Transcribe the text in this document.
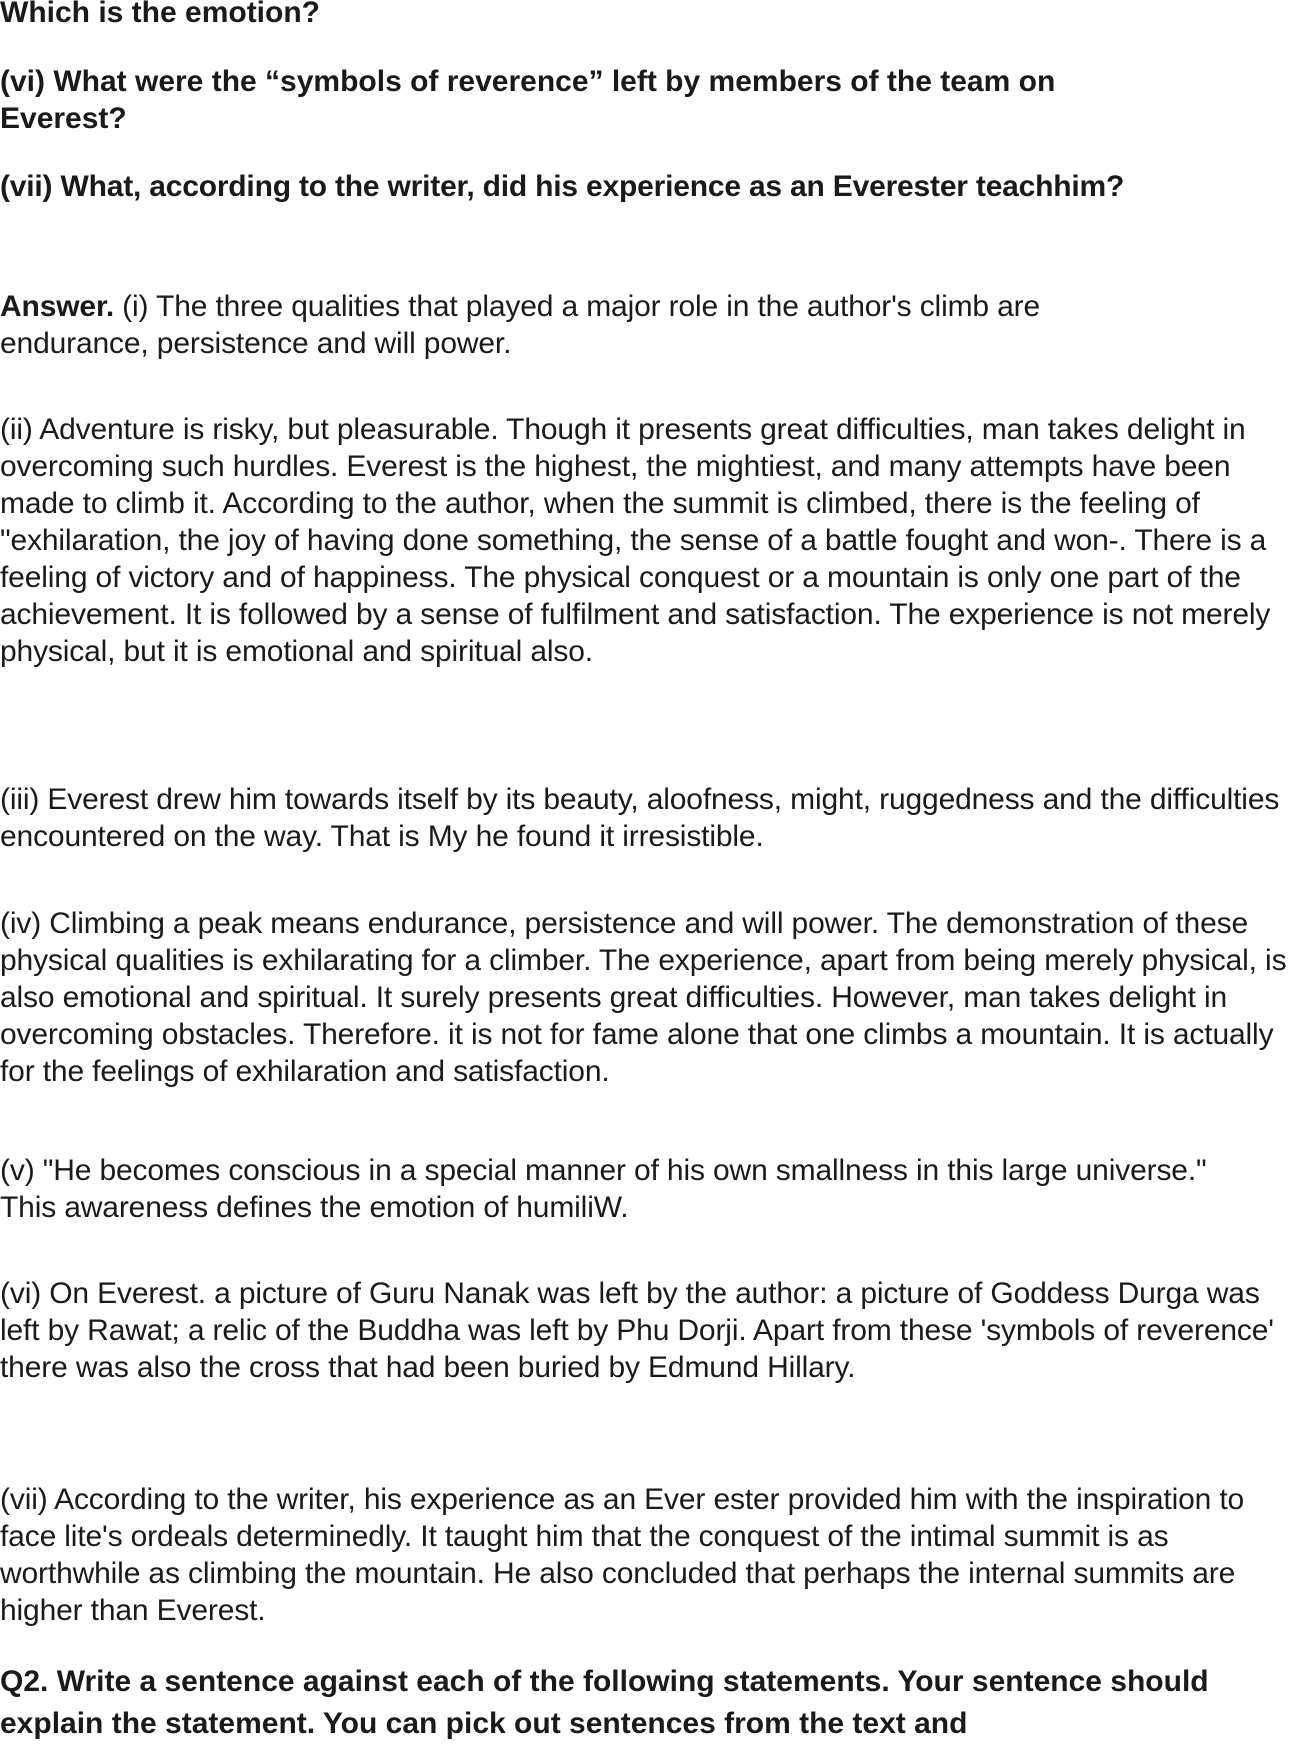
Which is the emotion?

(vi) What were the “symbols of reverence” left by members of the team on Everest?

(vii) What, according to the writer, did his experience as an Everester teachhim?

Answer. (i) The three qualities that played a major role in the author's climb are endurance, persistence and will power.

(ii) Adventure is risky, but pleasurable. Though it presents great difficulties, man takes delight in overcoming such hurdles. Everest is the highest, the mightiest, and many attempts have been made to climb it. According to the author, when the summit is climbed, there is the feeling of "exhilaration, the joy of having done something, the sense of a battle fought and won-. There is a feeling of victory and of happiness. The physical conquest or a mountain is only one part of the achievement. It is followed by a sense of fulfilment and satisfaction. The experience is not merely physical, but it is emotional and spiritual also.

(iii) Everest drew him towards itself by its beauty, aloofness, might, ruggedness and the difficulties encountered on the way. That is My he found it irresistible.

(iv) Climbing a peak means endurance, persistence and will power. The demonstration of these physical qualities is exhilarating for a climber. The experience, apart from being merely physical, is also emotional and spiritual. It surely presents great difficulties. However, man takes delight in overcoming obstacles. Therefore. it is not for fame alone that one climbs a mountain. It is actually for the feelings of exhilaration and satisfaction.

(v) "He becomes conscious in a special manner of his own smallness in this large universe." This awareness defines the emotion of humiliW.

(vi) On Everest. a picture of Guru Nanak was left by the author: a picture of Goddess Durga was left by Rawat; a relic of the Buddha was left by Phu Dorji. Apart from these 'symbols of reverence' there was also the cross that had been buried by Edmund Hillary.

(vii) According to the writer, his experience as an Ever ester provided him with the inspiration to face lite's ordeals determinedly. It taught him that the conquest of the intimal summit is as worthwhile as climbing the mountain. He also concluded that perhaps the internal summits are higher than Everest.

Q2. Write a sentence against each of the following statements. Your sentence should explain the statement. You can pick out sentences from the text and
